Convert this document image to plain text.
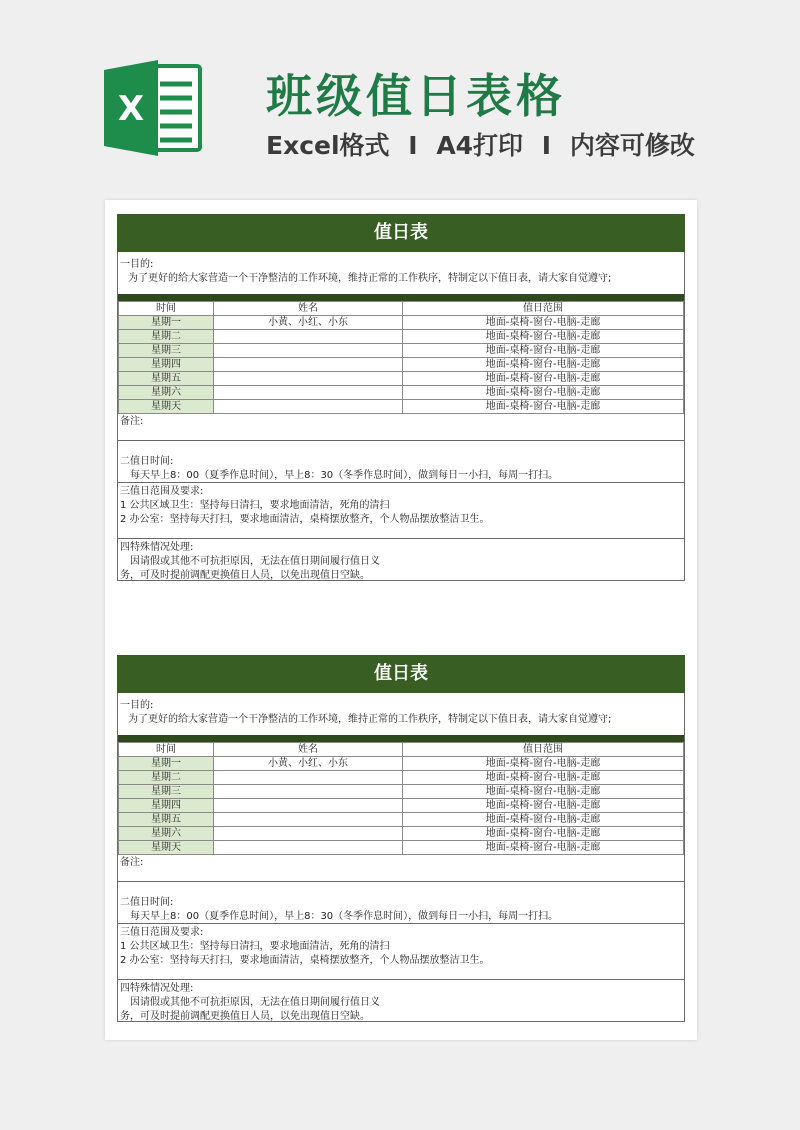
X	班级值日表格
Excel格式 I A4打印 I 内容可修改
值日表
一目的:
为了更好的给大家营造一个干净整洁的工作环境，维持正常的工作秩序，特制定以下值日表，请大家自觉遵守;
时间	姓名	值日范围
星期一	小黄、小红、小东	地面-桌椅-窗台-电脑-走廊
星期二		地面-桌椅-窗台-电脑-走廊
星期三		地面-桌椅-窗台-电脑-走廊
星期四		地面-桌椅-窗台-电脑-走廊
星期五		地面-桌椅-窗台-电脑-走廊
星期六		地面-桌椅-窗台-电脑-走廊
星期天		地面-桌椅-窗台-电脑-走廊
备注:
二值日时间:
每天早上8：00（夏季作息时间），早上8：30（冬季作息时间），做到每日一小扫，每周一打扫。
三值日范围及要求:
1 公共区域卫生：坚持每日清扫，要求地面清洁，死角的清扫
2 办公室：坚持每天打扫，要求地面清洁，桌椅摆放整齐，个人物品摆放整洁卫生。
四特殊情况处理:
因请假或其他不可抗拒原因，无法在值日期间履行值日义
务，可及时提前调配更换值日人员，以免出现值日空缺。
值日表
一目的:
为了更好的给大家营造一个干净整洁的工作环境，维持正常的工作秩序，特制定以下值日表，请大家自觉遵守;
时间	姓名	值日范围
星期一	小黄、小红、小东	地面-桌椅-窗台-电脑-走廊
星期二		地面-桌椅-窗台-电脑-走廊
星期三		地面-桌椅-窗台-电脑-走廊
星期四		地面-桌椅-窗台-电脑-走廊
星期五		地面-桌椅-窗台-电脑-走廊
星期六		地面-桌椅-窗台-电脑-走廊
星期天		地面-桌椅-窗台-电脑-走廊
备注:
二值日时间:
每天早上8：00（夏季作息时间），早上8：30（冬季作息时间），做到每日一小扫，每周一打扫。
三值日范围及要求:
1 公共区域卫生：坚持每日清扫，要求地面清洁，死角的清扫
2 办公室：坚持每天打扫，要求地面清洁，桌椅摆放整齐，个人物品摆放整洁卫生。
四特殊情况处理:
因请假或其他不可抗拒原因，无法在值日期间履行值日义
务，可及时提前调配更换值日人员，以免出现值日空缺。
